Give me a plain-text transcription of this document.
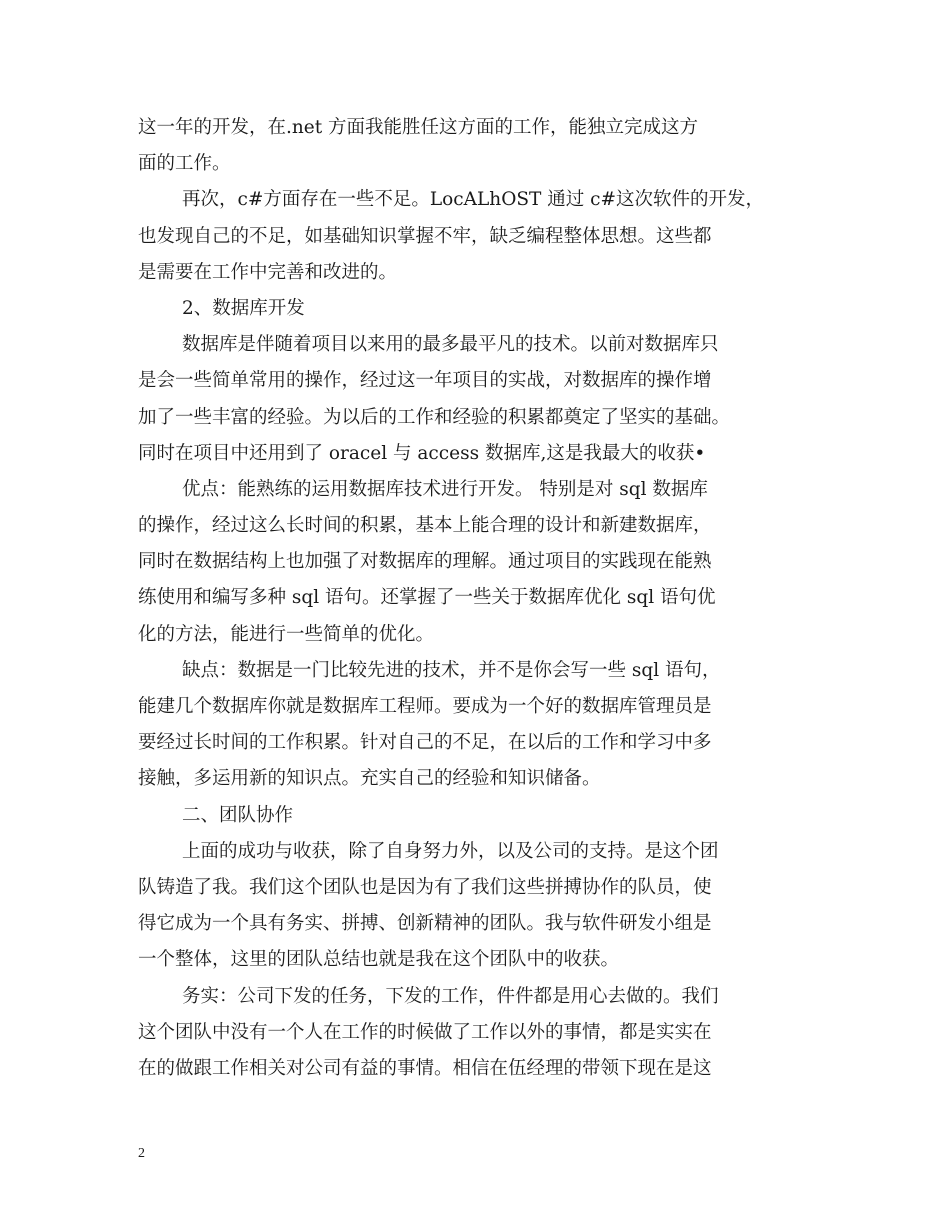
这一年的开发，在.net 方面我能胜任这方面的工作，能独立完成这方
面的工作。
再次，c#方面存在一些不足。LocALhOST 通过 c#这次软件的开发，
也发现自己的不足，如基础知识掌握不牢，缺乏编程整体思想。这些都
是需要在工作中完善和改进的。
2、数据库开发
数据库是伴随着项目以来用的最多最平凡的技术。以前对数据库只
是会一些简单常用的操作，经过这一年项目的实战，对数据库的操作增
加了一些丰富的经验。为以后的工作和经验的积累都奠定了坚实的基础。
同时在项目中还用到了 oracel 与 access 数据库,这是我最大的收获•
优点：能熟练的运用数据库技术进行开发。 特别是对 sql 数据库
的操作，经过这么长时间的积累，基本上能合理的设计和新建数据库，
同时在数据结构上也加强了对数据库的理解。通过项目的实践现在能熟
练使用和编写多种 sql 语句。还掌握了一些关于数据库优化 sql 语句优
化的方法，能进行一些简单的优化。
缺点：数据是一门比较先进的技术，并不是你会写一些 sql 语句，
能建几个数据库你就是数据库工程师。要成为一个好的数据库管理员是
要经过长时间的工作积累。针对自己的不足，在以后的工作和学习中多
接触，多运用新的知识点。充实自己的经验和知识储备。
二、团队协作
上面的成功与收获，除了自身努力外，以及公司的支持。是这个团
队铸造了我。我们这个团队也是因为有了我们这些拼搏协作的队员，使
得它成为一个具有务实、拼搏、创新精神的团队。我与软件研发小组是
一个整体，这里的团队总结也就是我在这个团队中的收获。
务实：公司下发的任务，下发的工作，件件都是用心去做的。我们
这个团队中没有一个人在工作的时候做了工作以外的事情，都是实实在
在的做跟工作相关对公司有益的事情。相信在伍经理的带领下现在是这
2
